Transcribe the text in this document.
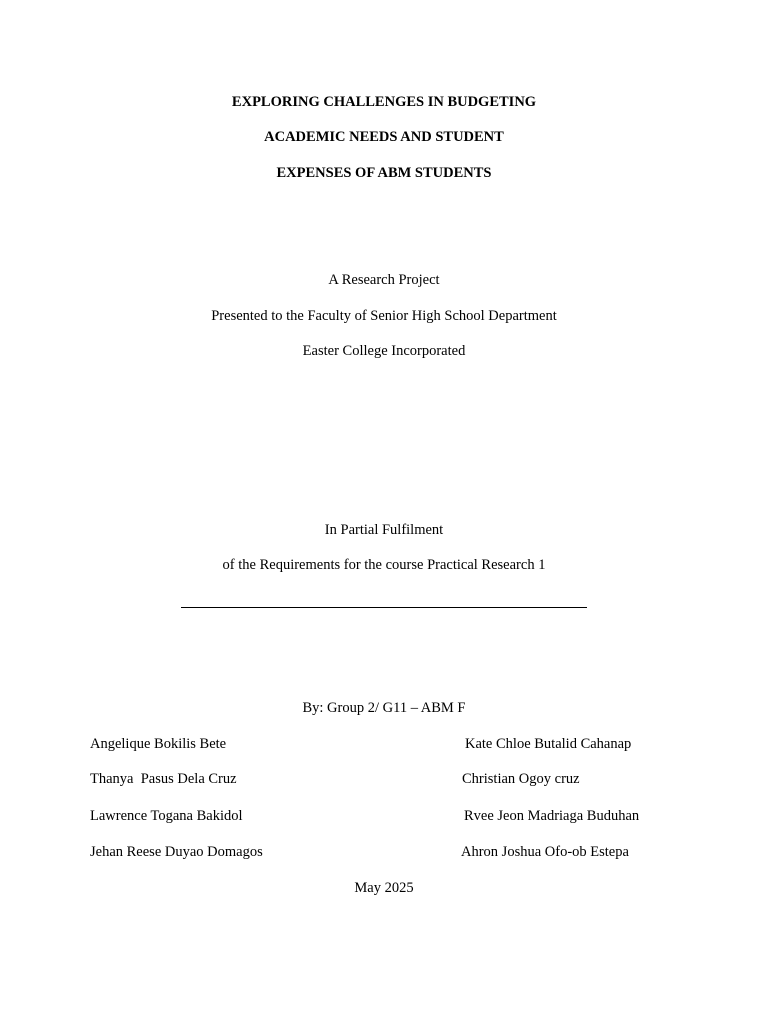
EXPLORING CHALLENGES IN BUDGETING
ACADEMIC NEEDS AND STUDENT
EXPENSES OF ABM STUDENTS
A Research Project
Presented to the Faculty of Senior High School Department
Easter College Incorporated
In Partial Fulfilment
of the Requirements for the course Practical Research 1
By: Group 2/ G11 – ABM F
Angelique Bokilis Bete	Kate Chloe Butalid Cahanap
Thanya  Pasus Dela Cruz	Christian Ogoy cruz
Lawrence Togana Bakidol	Rvee Jeon Madriaga Buduhan
Jehan Reese Duyao Domagos	Ahron Joshua Ofo-ob Estepa
May 2025
